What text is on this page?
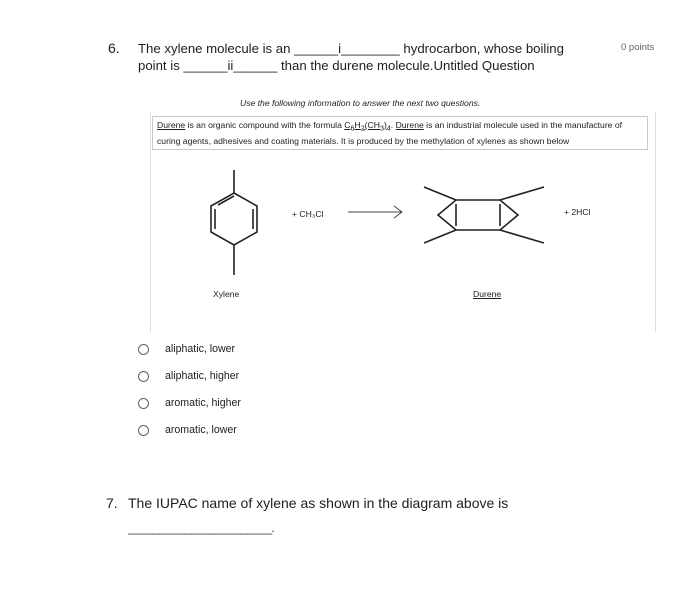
6. The xylene molecule is an ______i________ hydrocarbon, whose boiling
point is ______ii______ than the durene molecule.Untitled Question
0 points
Use the following information to answer the next two questions.
Durene is an organic compound with the formula $C_6H_2(CH_3)_4$. Durene is an industrial molecule used in the manufacture of curing agents, adhesives and coating materials. It is produced by the methylation of xylenes as shown below
+ CH₃Cl	+ 2HCl
Xylene	Durene
aliphatic, lower
aliphatic, higher
aromatic, higher
aromatic, lower
7. The IUPAC name of xylene as shown in the diagram above is
_______________________.
